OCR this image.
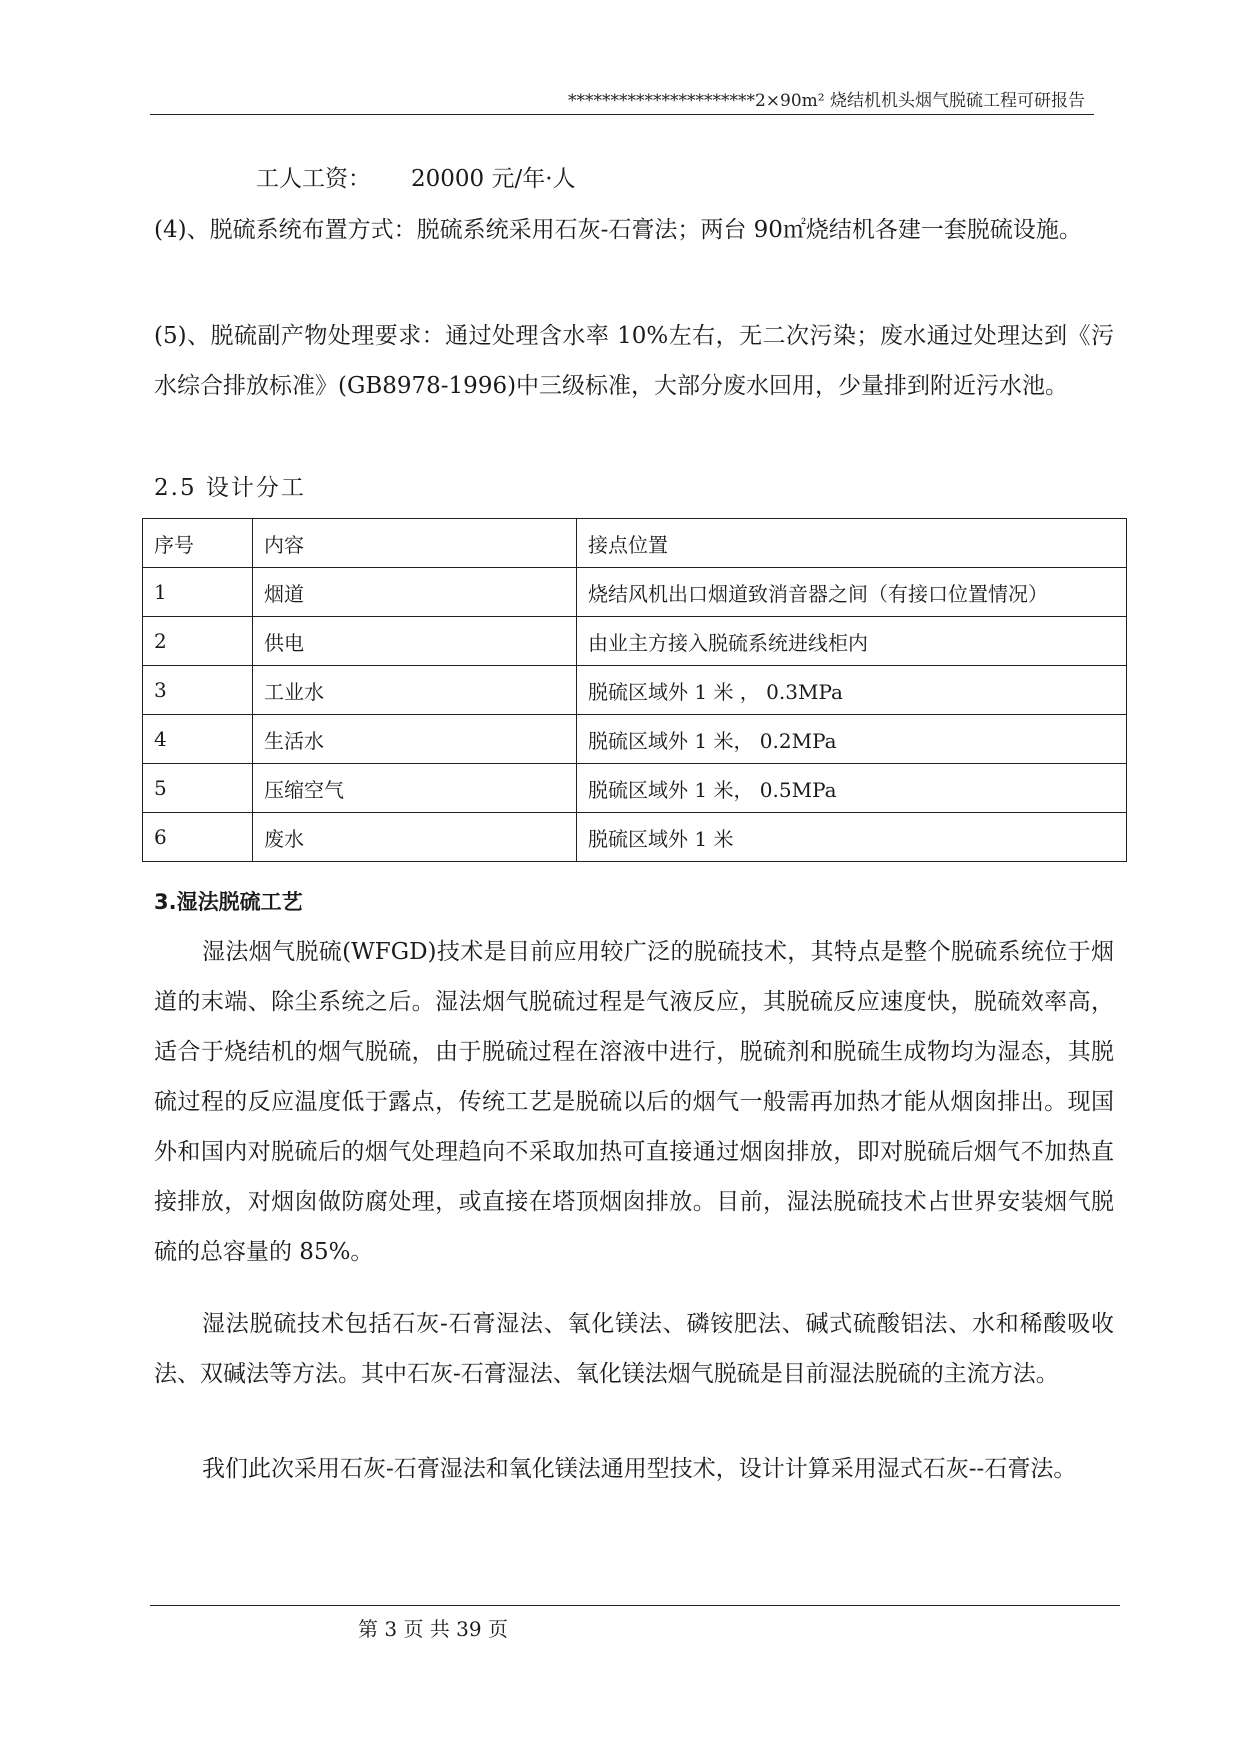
**********************2×90m² 烧结机机头烟气脱硫工程可研报告
工人工资： 20000 元/年·人

(4)、脱硫系统布置方式：脱硫系统采用石灰-石膏法；两台 90㎡烧结机各建一套脱硫设施。

(5)、脱硫副产物处理要求：通过处理含水率 10%左右，无二次污染；废水通过处理达到《污水综合排放标准》(GB8978-1996)中三级标准，大部分废水回用，少量排到附近污水池。

2.5 设计分工
序号	内容	接点位置
1	烟道	烧结风机出口烟道致消音器之间（有接口位置情况）
2	供电	由业主方接入脱硫系统进线柜内
3	工业水	脱硫区域外 1 米 ， 0.3MPa
4	生活水	脱硫区域外 1 米， 0.2MPa
5	压缩空气	脱硫区域外 1 米， 0.5MPa
6	废水	脱硫区域外 1 米
3.湿法脱硫工艺

湿法烟气脱硫(WFGD)技术是目前应用较广泛的脱硫技术，其特点是整个脱硫系统位于烟道的末端、除尘系统之后。湿法烟气脱硫过程是气液反应，其脱硫反应速度快，脱硫效率高，适合于烧结机的烟气脱硫，由于脱硫过程在溶液中进行，脱硫剂和脱硫生成物均为湿态，其脱硫过程的反应温度低于露点，传统工艺是脱硫以后的烟气一般需再加热才能从烟囱排出。现国外和国内对脱硫后的烟气处理趋向不采取加热可直接通过烟囱排放，即对脱硫后烟气不加热直接排放，对烟囱做防腐处理，或直接在塔顶烟囱排放。目前，湿法脱硫技术占世界安装烟气脱硫的总容量的 85%。

湿法脱硫技术包括石灰-石膏湿法、氧化镁法、磷铵肥法、碱式硫酸铝法、水和稀酸吸收法、双碱法等方法。其中石灰-石膏湿法、氧化镁法烟气脱硫是目前湿法脱硫的主流方法。

我们此次采用石灰-石膏湿法和氧化镁法通用型技术，设计计算采用湿式石灰--石膏法。

第 3 页 共 39 页
